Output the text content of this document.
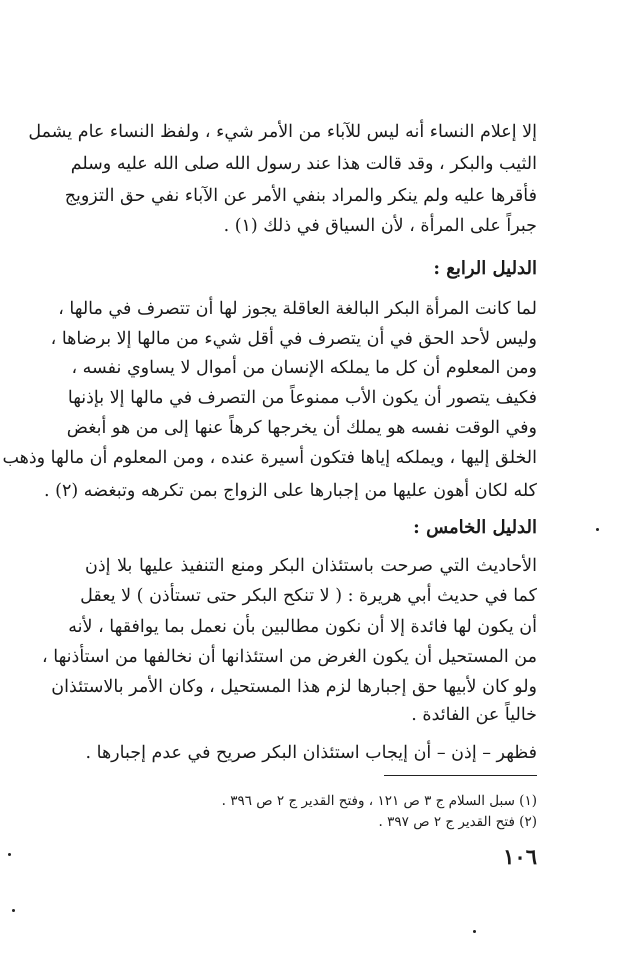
إلا إعلام النساء أنه ليس للآباء من الأمر شيء ، ولفظ النساء عام يشمل
الثيب والبكر ، وقد قالت هذا عند رسول الله صلى الله عليه وسلم
فأقرها عليه ولم ينكر والمراد بنفي الأمر عن الآباء نفي حق التزويج
جبراً على المرأة ، لأن السياق في ذلك (١) .
الدليل الرابع :
لما كانت المرأة البكر البالغة العاقلة يجوز لها أن تتصرف في مالها ،
وليس لأحد الحق في أن يتصرف في أقل شيء من مالها إلا برضاها ،
ومن المعلوم أن كل ما يملكه الإنسان من أموال لا يساوي نفسه ،
فكيف يتصور أن يكون الأب ممنوعاً من التصرف في مالها إلا بإذنها
وفي الوقت نفسه هو يملك أن يخرجها كرهاً عنها إلى من هو أبغض
الخلق إليها ، ويملكه إياها فتكون أسيرة عنده ، ومن المعلوم أن مالها وذهب
كله لكان أهون عليها من إجبارها على الزواج بمن تكرهه وتبغضه (٢) .
الدليل الخامس :
الأحاديث التي صرحت باستئذان البكر ومنع التنفيذ عليها بلا إذن
كما في حديث أبي هريرة : ( لا تنكح البكر حتى تستأذن ) لا يعقل
أن يكون لها فائدة إلا أن نكون مطالبين بأن نعمل بما يوافقها ، لأنه
من المستحيل أن يكون الغرض من استئذانها أن نخالفها من استأذنها ،
ولو كان لأبيها حق إجبارها لزم هذا المستحيل ، وكان الأمر بالاستئذان
خالياً عن الفائدة .
فظهر – إذن – أن إيجاب استئذان البكر صريح في عدم إجبارها .
(١) سبل السلام ج ٣ ص ١٢١ ، وفتح القدير ج ٢ ص ٣٩٦ .
(٢) فتح القدير ج ٢ ص ٣٩٧ .
١٠٦
